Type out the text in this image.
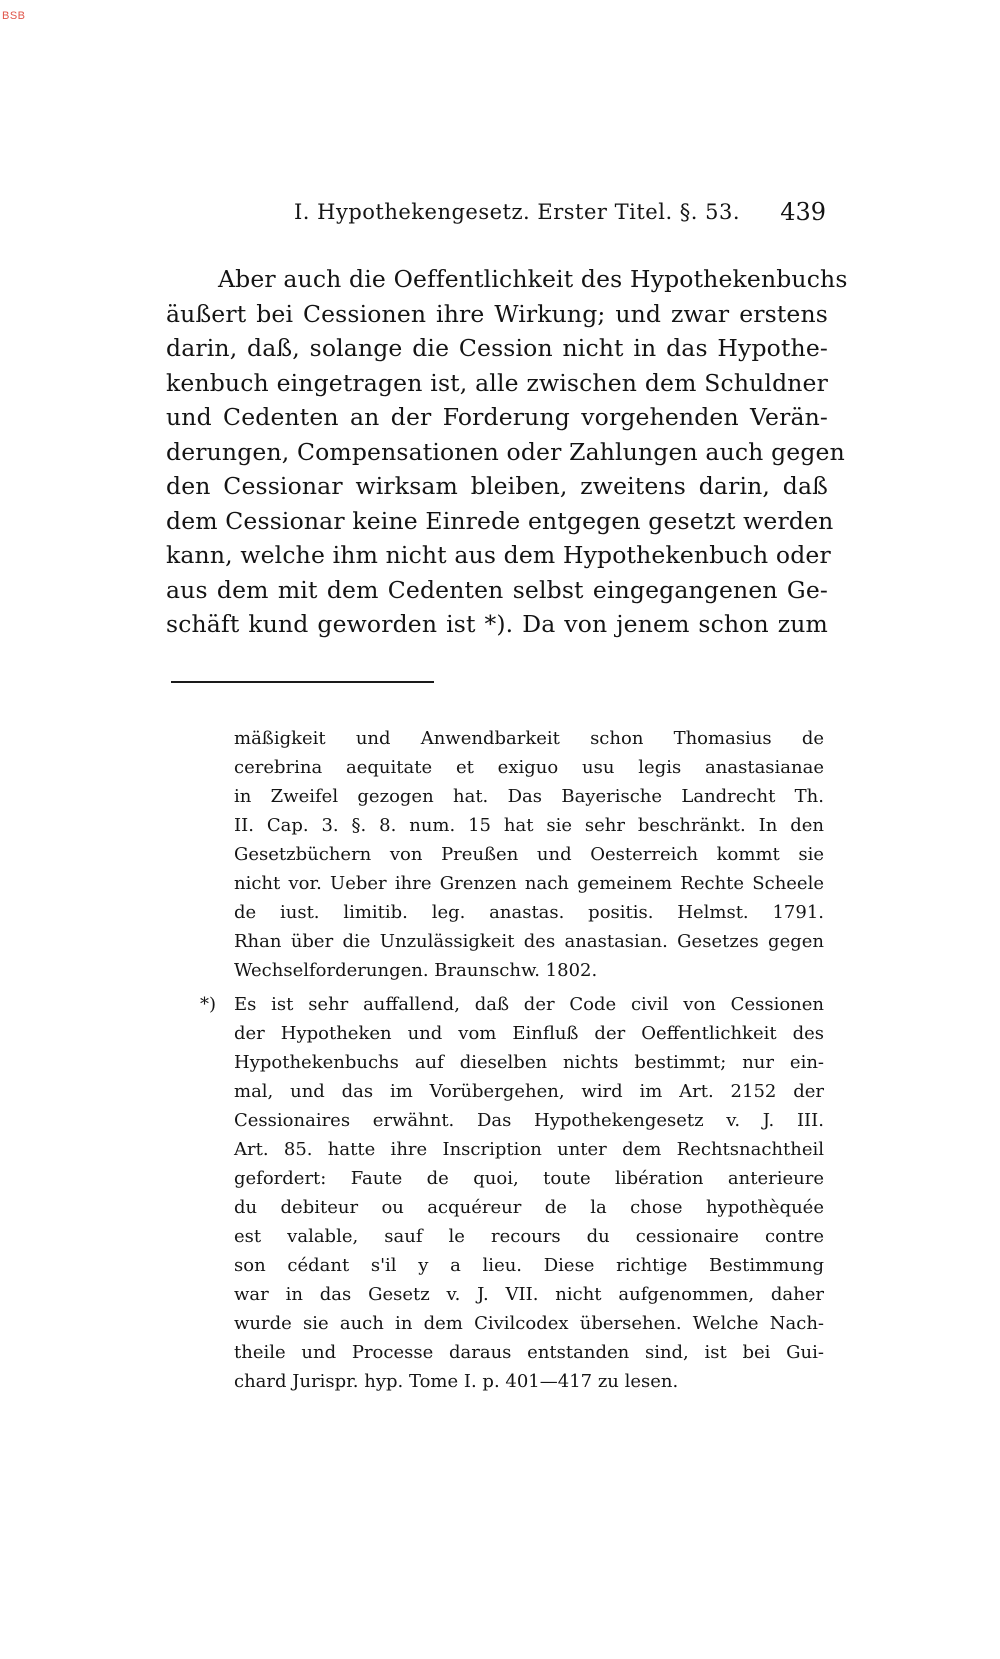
BSB
I. Hypothekengesetz. Erster Titel. §. 53. 439
Aber auch die Oeffentlichkeit des Hypothekenbuchs
äußert bei Cessionen ihre Wirkung; und zwar erstens
darin, daß, solange die Cession nicht in das Hypothe-
kenbuch eingetragen ist, alle zwischen dem Schuldner
und Cedenten an der Forderung vorgehenden Verän-
derungen, Compensationen oder Zahlungen auch gegen
den Cessionar wirksam bleiben, zweitens darin, daß
dem Cessionar keine Einrede entgegen gesetzt werden
kann, welche ihm nicht aus dem Hypothekenbuch oder
aus dem mit dem Cedenten selbst eingegangenen Ge-
schäft kund geworden ist *). Da von jenem schon zum
mäßigkeit und Anwendbarkeit schon Thomasius de
cerebrina aequitate et exiguo usu legis anastasianae
in Zweifel gezogen hat. Das Bayerische Landrecht Th.
II. Cap. 3. §. 8. num. 15 hat sie sehr beschränkt. In den
Gesetzbüchern von Preußen und Oesterreich kommt sie
nicht vor. Ueber ihre Grenzen nach gemeinem Rechte Scheele
de iust. limitib. leg. anastas. positis. Helmst. 1791.
Rhan über die Unzulässigkeit des anastasian. Gesetzes gegen
Wechselforderungen. Braunschw. 1802.
*) Es ist sehr auffallend, daß der Code civil von Cessionen
der Hypotheken und vom Einfluß der Oeffentlichkeit des
Hypothekenbuchs auf dieselben nichts bestimmt; nur ein-
mal, und das im Vorübergehen, wird im Art. 2152 der
Cessionaires erwähnt. Das Hypothekengesetz v. J. III.
Art. 85. hatte ihre Inscription unter dem Rechtsnachtheil
gefordert: Faute de quoi, toute libération anterieure
du debiteur ou acquéreur de la chose hypothèquée
est valable, sauf le recours du cessionaire contre
son cédant s'il y a lieu. Diese richtige Bestimmung
war in das Gesetz v. J. VII. nicht aufgenommen, daher
wurde sie auch in dem Civilcodex übersehen. Welche Nach-
theile und Processe daraus entstanden sind, ist bei Gui-
chard Jurispr. hyp. Tome I. p. 401—417 zu lesen.
